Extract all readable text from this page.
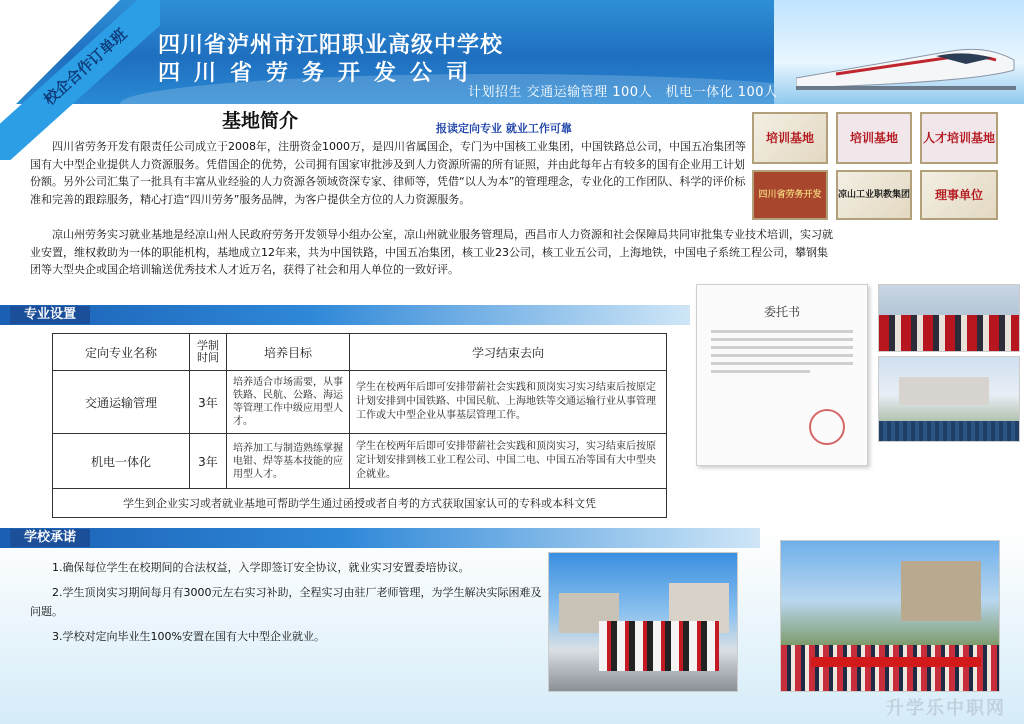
校企合作订单班	四川省泸州市江阳职业高级中学校
四川省劳务开发公司
计划招生 交通运输管理 100人　机电一体化 100人
基地简介	报读定向专业 就业工作可靠
四川省劳务开发有限责任公司成立于2008年，注册资金1000万，是四川省属国企，专门为中国核工业集团，中国铁路总公司，中国五冶集团等国有大中型企业提供人力资源服务。凭借国企的优势，公司拥有国家审批涉及到人力资源所需的所有证照，并由此每年占有较多的国有企业用工计划份额。另外公司汇集了一批具有丰富从业经验的人力资源各领域资深专家、律师等，凭借“以人为本”的管理理念，专业化的工作团队、科学的评价标准和完善的跟踪服务，精心打造“四川劳务”服务品牌，为客户提供全方位的人力资源服务。
凉山州劳务实习就业基地是经凉山州人民政府劳务开发领导小组办公室，凉山州就业服务管理局，西昌市人力资源和社会保障局共同审批集专业技术培训，实习就业安置，维权救助为一体的职能机构，基地成立12年来，共为中国铁路，中国五冶集团，核工业23公司，核工业五公司，上海地铁，中国电子系统工程公司，攀钢集团等大型央企或国企培训输送优秀技术人才近万名，获得了社会和用人单位的一致好评。
培训基地	培训基地	人才培训基地
四川省劳务开发	凉山工业职教集团	理事单位
专业设置
定向专业名称	学制时间	培养目标	学习结束去向
交通运输管理	3年	培养适合市场需要，从事铁路、民航、公路、海运等管理工作中级应用型人才。	学生在校两年后即可安排带薪社会实践和顶岗实习实习结束后按原定计划安排到中国铁路、中国民航、上海地铁等交通运输行业从事管理工作或大中型企业从事基层管理工作。
机电一体化	3年	培养加工与制造熟练掌握电钳、焊等基本技能的应用型人才。	学生在校两年后即可安排带薪社会实践和顶岗实习，实习结束后按原定计划安排到核工业工程公司、中国二电、中国五冶等国有大中型央企就业。
学生到企业实习或者就业基地可帮助学生通过函授或者自考的方式获取国家认可的专科或本科文凭			
委托书
学校承诺
1.确保每位学生在校期间的合法权益，入学即签订安全协议，就业实习安置委培协议。
2.学生顶岗实习期间每月有3000元左右实习补助，全程实习由驻厂老师管理，为学生解决实际困难及问题。
3.学校对定向毕业生100%安置在国有大中型企业就业。
升学乐中职网
